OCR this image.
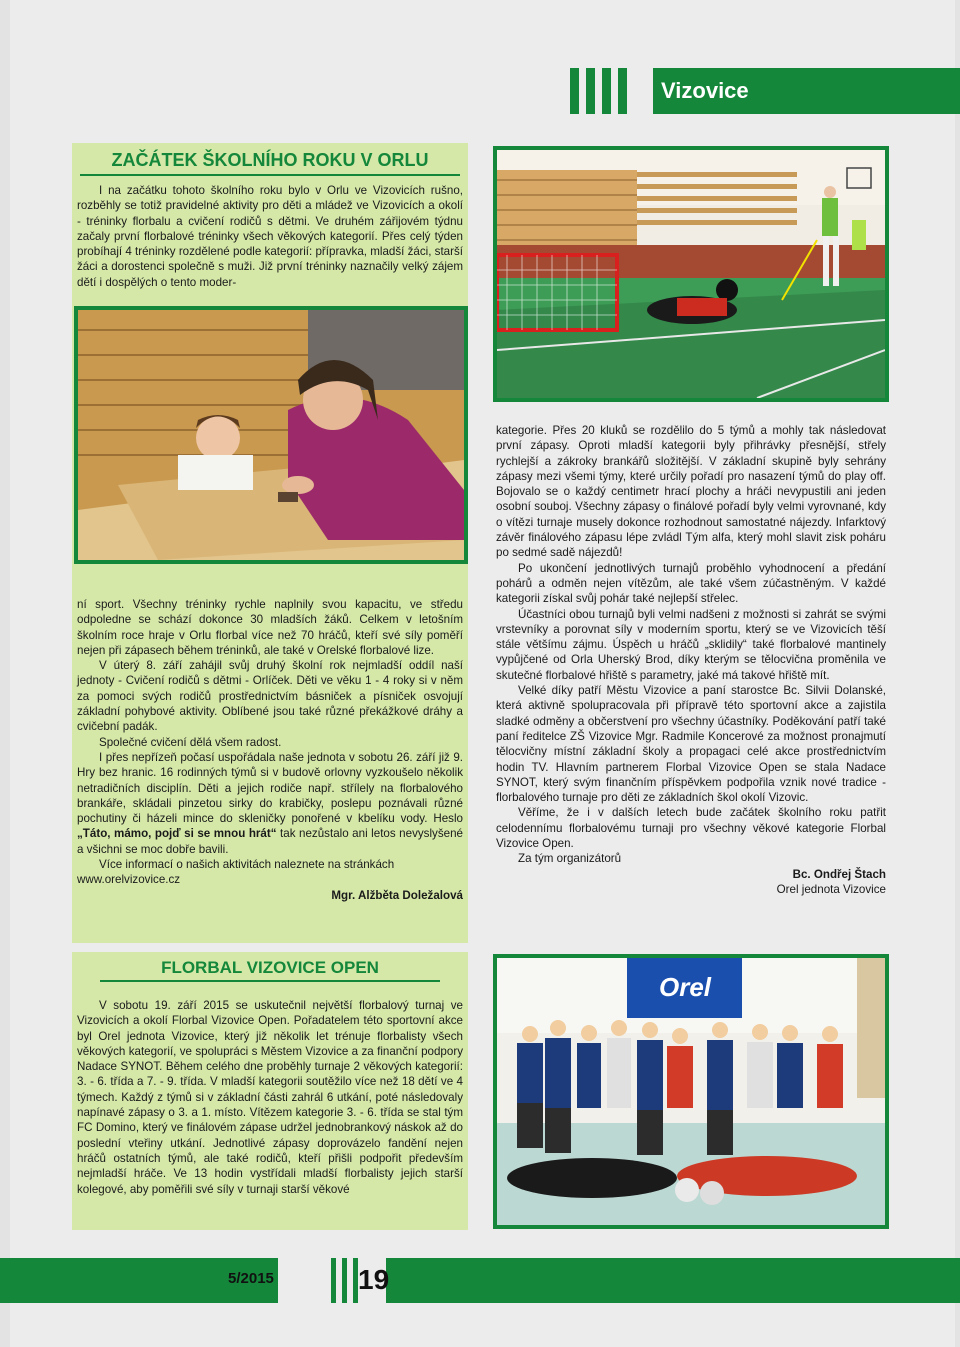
Vizovice
ZAČÁTEK ŠKOLNÍHO ROKU V ORLU

I na začátku tohoto školního roku bylo v Orlu ve Vizovicích rušno, rozběhly se totiž pravidelné aktivity pro děti a mládež ve Vizovicích a okolí - tréninky florbalu a cvičení rodičů s dětmi. Ve druhém zářijovém týdnu začaly první florbalové tréninky všech věkových kategorií. Přes celý týden probíhají 4 tréninky rozdělené podle kategorií: přípravka, mladší žáci, starší žáci a dorostenci společně s muži. Již první tréninky naznačily velký zájem dětí i dospělých o tento moder-

ní sport. Všechny tréninky rychle naplnily svou kapacitu, ve středu odpoledne se schází dokonce 30 mladších žáků. Celkem v letošním školním roce hraje v Orlu florbal více než 70 hráčů, kteří své síly poměří nejen při zápasech během tréninků, ale také v Orelské florbalové lize.

V úterý 8. září zahájil svůj druhý školní rok nejmladší oddíl naší jednoty - Cvičení rodičů s dětmi - Orlíček. Děti ve věku 1 - 4 roky si v něm za pomoci svých rodičů prostřednictvím básniček a písniček osvojují základní pohybové aktivity. Oblíbené jsou také různé překážkové dráhy a cvičební padák.

Společné cvičení dělá všem radost.

I přes nepřízeň počasí uspořádala naše jednota v sobotu 26. září již 9. Hry bez hranic. 16 rodinných týmů si v budově orlovny vyzkoušelo několik netradičních disciplín. Děti a jejich rodiče např. střílely na florbalového brankáře, skládali pinzetou sirky do krabičky, poslepu poznávali různé pochutiny či házeli mince do skleničky ponořené v kbelíku vody. Heslo „Táto, mámo, pojď si se mnou hrát“ tak nezůstalo ani letos nevyslyšené a všichni se moc dobře bavili.

Více informací o našich aktivitách naleznete na stránkách

www.orelvizovice.cz

Mgr. Alžběta Doležalová

FLORBAL VIZOVICE OPEN

V sobotu 19. září 2015 se uskutečnil největší florbalový turnaj ve Vizovicích a okolí Florbal Vizovice Open. Pořadatelem této sportovní akce byl Orel jednota Vizovice, který již několik let trénuje florbalisty všech věkových kategorií, ve spolupráci s Městem Vizovice a za finanční podpory Nadace SYNOT. Během celého dne proběhly turnaje 2 věkových kategorií: 3. - 6. třída a 7. - 9. třída. V mladší kategorii soutěžilo více než 18 dětí ve 4 týmech. Každý z týmů si v základní části zahrál 6 utkání, poté následovaly napínavé zápasy o 3. a 1. místo. Vítězem kategorie 3. - 6. třída se stal tým FC Domino, který ve finálovém zápase udržel jednobrankový náskok až do poslední vteřiny utkání. Jednotlivé zápasy doprovázelo fandění nejen hráčů ostatních týmů, ale také rodičů, kteří přišli podpořit především nejmladší hráče. Ve 13 hodin vystřídali mladší florbalisty jejich starší kolegové, aby poměřili své síly v turnaji starší věkové

kategorie. Přes 20 kluků se rozdělilo do 5 týmů a mohly tak následovat první zápasy. Oproti mladší kategorii byly přihrávky přesnější, střely rychlejší a zákroky brankářů složitější. V základní skupině byly sehrány zápasy mezi všemi týmy, které určily pořadí pro nasazení týmů do play off. Bojovalo se o každý centimetr hrací plochy a hráči nevypustili ani jeden osobní souboj. Všechny zápasy o finálové pořadí byly velmi vyrovnané, kdy o vítězi turnaje musely dokonce rozhodnout samostatné nájezdy. Infarktový závěr finálového zápasu lépe zvládl Tým alfa, který mohl slavit zisk poháru po sedmé sadě nájezdů!

Po ukončení jednotlivých turnajů proběhlo vyhodnocení a předání pohárů a odměn nejen vítězům, ale také všem zúčastněným. V každé kategorii získal svůj pohár také nejlepší střelec.

Účastníci obou turnajů byli velmi nadšeni z možnosti si zahrát se svými vrstevníky a porovnat síly v moderním sportu, který se ve Vizovicích těší stále většímu zájmu. Úspěch u hráčů „sklidily“ také florbalové mantinely vypůjčené od Orla Uherský Brod, díky kterým se tělocvična proměnila ve skutečné florbalové hřiště s parametry, jaké má takové hřiště mít.

Velké díky patří Městu Vizovice a paní starostce Bc. Silvii Dolanské, která aktivně spolupracovala při přípravě této sportovní akce a zajistila sladké odměny a občerstvení pro všechny účastníky. Poděkování patří také paní ředitelce ZŠ Vizovice Mgr. Radmile Koncerové za možnost pronajmutí tělocvičny místní základní školy a propagaci celé akce prostřednictvím hodin TV. Hlavním partnerem Florbal Vizovice Open se stala Nadace SYNOT, který svým finančním příspěvkem podpořila vznik nové tradice - florbalového turnaje pro děti ze základních škol okolí Vizovic.

Věříme, že i v dalších letech bude začátek školního roku patřit celodennímu florbalovému turnaji pro všechny věkové kategorie Florbal Vizovice Open.

Za tým organizátorů

Bc. Ondřej Štach

Orel jednota Vizovice

Orel
5/2015	19
